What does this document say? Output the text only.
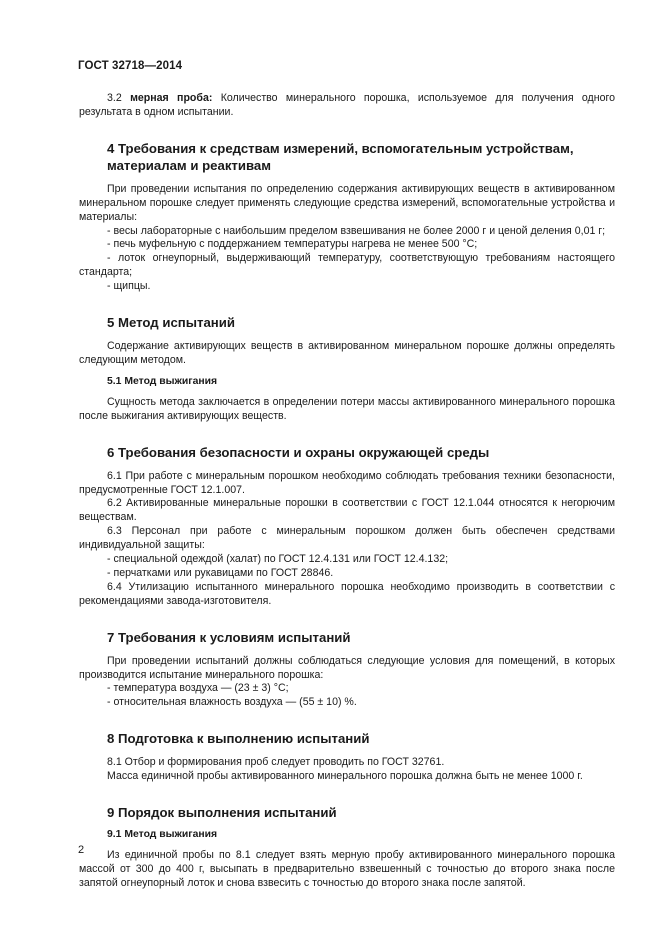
ГОСТ 32718—2014

3.2 мерная проба: Количество минерального порошка, используемое для получения одного результата в одном испытании.

4 Требования к средствам измерений, вспомогательным устройствам, материалам и реактивам

При проведении испытания по определению содержания активирующих веществ в активированном минеральном порошке следует применять следующие средства измерений, вспомогательные устройства и материалы:

- весы лабораторные с наибольшим пределом взвешивания не более 2000 г и ценой деления 0,01 г;

- печь муфельную с поддержанием температуры нагрева не менее 500 °С;

- лоток огнеупорный, выдерживающий температуру, соответствующую требованиям настоящего стандарта;

- щипцы.

5 Метод испытаний

Содержание активирующих веществ в активированном минеральном порошке должны определять следующим методом.

5.1 Метод выжигания

Сущность метода заключается в определении потери массы активированного минерального порошка после выжигания активирующих веществ.

6 Требования безопасности и охраны окружающей среды

6.1 При работе с минеральным порошком необходимо соблюдать требования техники безопасности, предусмотренные ГОСТ 12.1.007.

6.2 Активированные минеральные порошки в соответствии с ГОСТ 12.1.044 относятся к негорючим веществам.

6.3 Персонал при работе с минеральным порошком должен быть обеспечен средствами индивидуальной защиты:

- специальной одеждой (халат) по ГОСТ 12.4.131 или ГОСТ 12.4.132;

- перчатками или рукавицами по ГОСТ 28846.

6.4 Утилизацию испытанного минерального порошка необходимо производить в соответствии с рекомендациями завода-изготовителя.

7 Требования к условиям испытаний

При проведении испытаний должны соблюдаться следующие условия для помещений, в которых производится испытание минерального порошка:

- температура воздуха — (23 ± 3) °С;

- относительная влажность воздуха — (55 ± 10) %.

8 Подготовка к выполнению испытаний

8.1 Отбор и формирования проб следует проводить по ГОСТ 32761.

Масса единичной пробы активированного минерального порошка должна быть не менее 1000 г.

9 Порядок выполнения испытаний
9.1 Метод выжигания

Из единичной пробы по 8.1 следует взять мерную пробу активированного минерального порошка массой от 300 до 400 г, высыпать в предварительно взвешенный с точностью до второго знака после запятой огнеупорный лоток и снова взвесить с точностью до второго знака после запятой.

2
